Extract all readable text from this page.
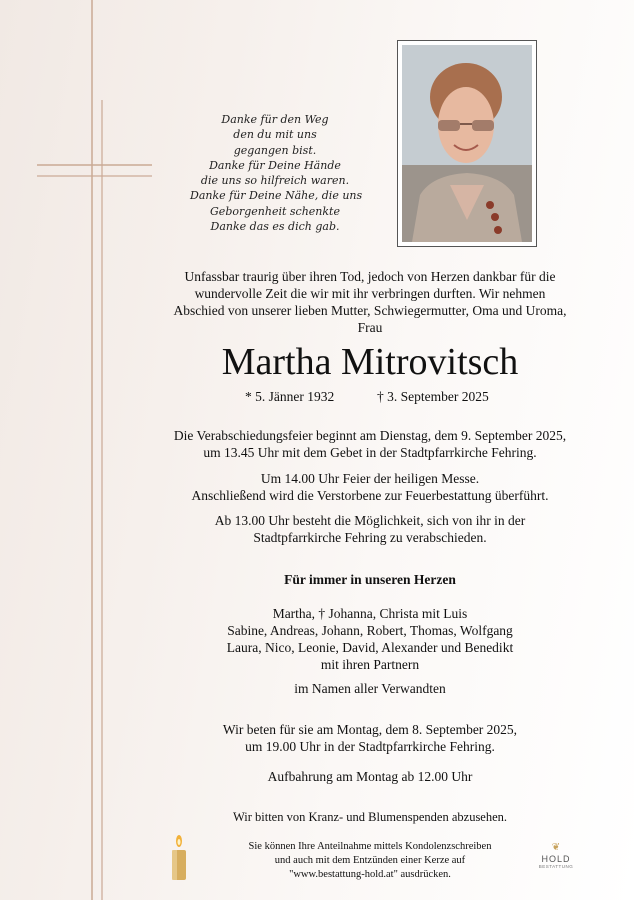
Danke für den Weg
den du mit uns
gegangen bist.
Danke für Deine Hände
die uns so hilfreich waren.
Danke für Deine Nähe, die uns
Geborgenheit schenkte
Danke das es dich gab.
Unfassbar traurig über ihren Tod, jedoch von Herzen dankbar für die
wundervolle Zeit die wir mit ihr verbringen durften. Wir nehmen
Abschied von unserer lieben Mutter, Schwiegermutter, Oma und Uroma,
Frau
Martha Mitrovitsch
* 5. Jänner 1932	† 3. September 2025
Die Verabschiedungsfeier beginnt am Dienstag, dem 9. September 2025,
um 13.45 Uhr mit dem Gebet in der Stadtpfarrkirche Fehring.
Um 14.00 Uhr Feier der heiligen Messe.
Anschließend wird die Verstorbene zur Feuerbestattung überführt.
Ab 13.00 Uhr besteht die Möglichkeit, sich von ihr in der
Stadtpfarrkirche Fehring zu verabschieden.
Für immer in unseren Herzen
Martha, † Johanna, Christa mit Luis
Sabine, Andreas, Johann, Robert, Thomas, Wolfgang
Laura, Nico, Leonie, David, Alexander und Benedikt
mit ihren Partnern
im Namen aller Verwandten
Wir beten für sie am Montag, dem 8. September 2025,
um 19.00 Uhr in der Stadtpfarrkirche Fehring.
Aufbahrung am Montag ab 12.00 Uhr
Wir bitten von Kranz- und Blumenspenden abzusehen.
Sie können Ihre Anteilnahme mittels Kondolenzschreiben
und auch mit dem Entzünden einer Kerze auf
"www.bestattung-hold.at" ausdrücken.
❦
HOLD
BESTATTUNG
